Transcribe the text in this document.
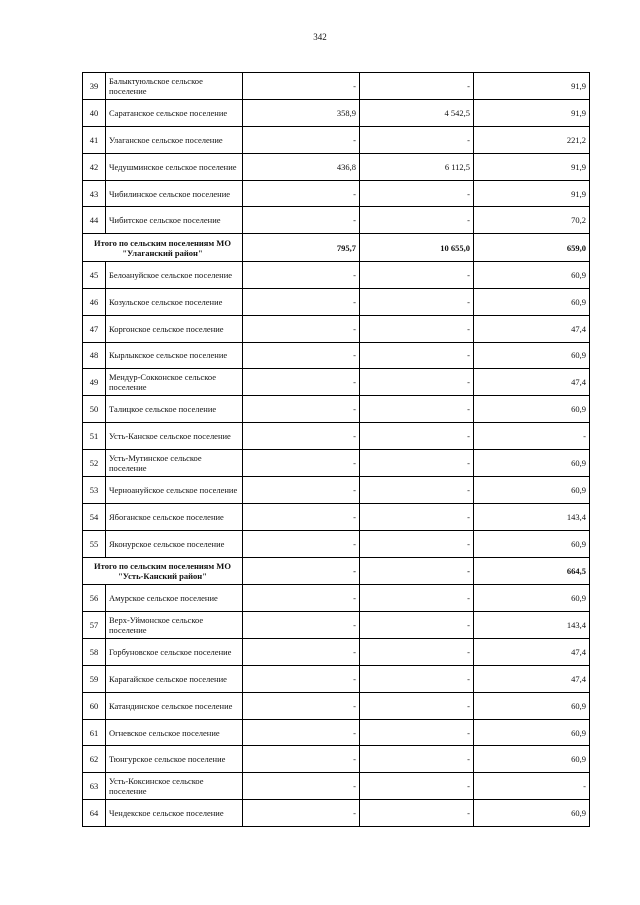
342
39	Балыктуюльское сельское поселение	-	-	91,9
40	Саратанское сельское поселение	358,9	4 542,5	91,9
41	Улаганское сельское поселение	-	-	221,2
42	Чедушминское сельское поселение	436,8	6 112,5	91,9
43	Чибилинское сельское поселение	-	-	91,9
44	Чибитское сельское поселение	-	-	70,2
Итого по сельским поселениям МО "Улаганский район"		795,7	10 655,0	659,0
45	Белоануйское сельское поселение	-	-	60,9
46	Козульское сельское поселение	-	-	60,9
47	Коргонское сельское поселение	-	-	47,4
48	Кырлыкское сельское поселение	-	-	60,9
49	Мендур-Сокконское сельское поселение	-	-	47,4
50	Талицкое сельское поселение	-	-	60,9
51	Усть-Канское сельское поселение	-	-	-
52	Усть-Мутинское сельское поселение	-	-	60,9
53	Черноануйское сельское поселение	-	-	60,9
54	Ябоганское сельское поселение	-	-	143,4
55	Яконурское сельское поселение	-	-	60,9
Итого по сельским поселениям МО "Усть-Канский район"		-	-	664,5
56	Амурское сельское поселение	-	-	60,9
57	Верх-Уймонское сельское поселение	-	-	143,4
58	Горбуновское сельское поселение	-	-	47,4
59	Карагайское сельское поселение	-	-	47,4
60	Катандинское сельское поселение	-	-	60,9
61	Огневское сельское поселение	-	-	60,9
62	Тюнгурское сельское поселение	-	-	60,9
63	Усть-Коксинское сельское поселение	-	-	-
64	Чендекское сельское поселение	-	-	60,9
